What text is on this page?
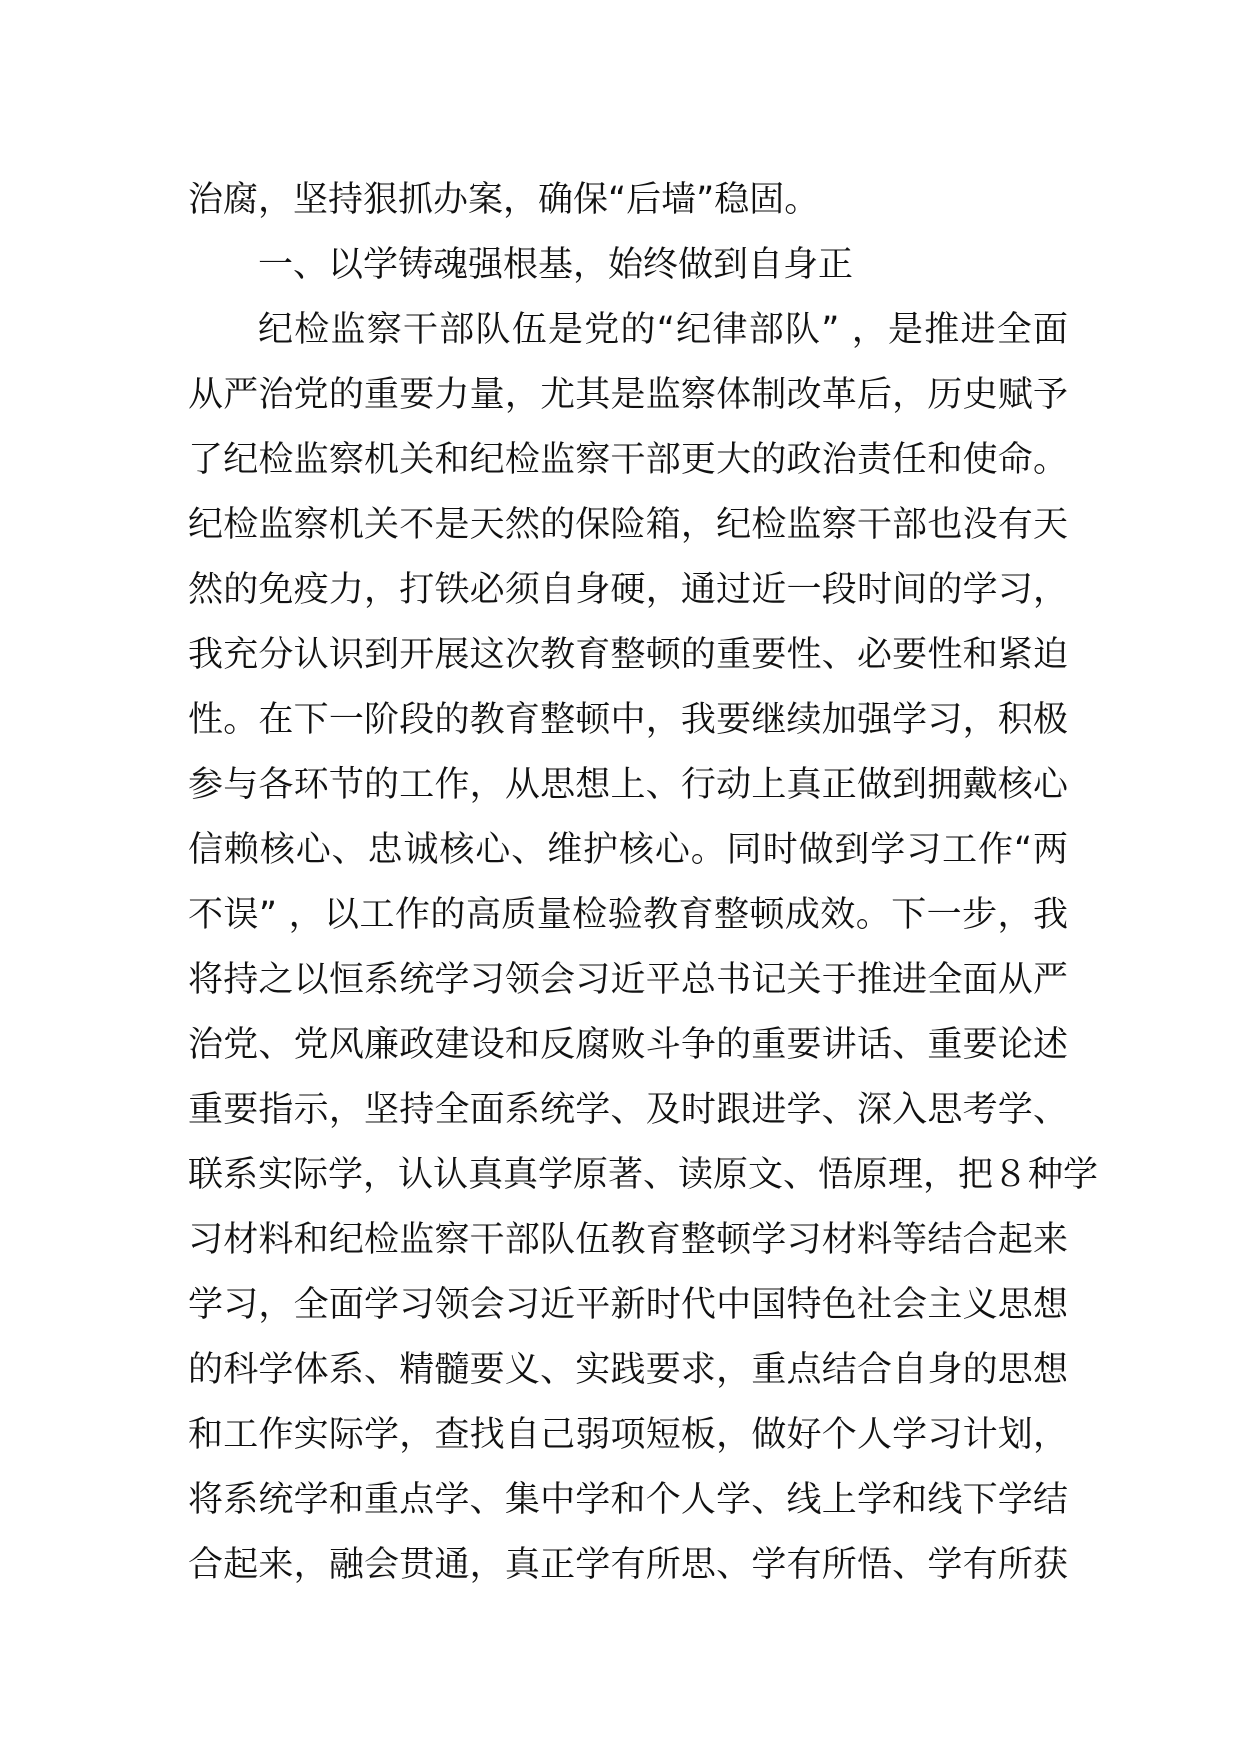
治腐，坚持狠抓办案，确保“后墙”稳固。
一、以学铸魂强根基，始终做到自身正
纪检监察干部队伍是党的“纪律部队” ，是推进全面
从严治党的重要力量，尤其是监察体制改革后，历史赋予
了纪检监察机关和纪检监察干部更大的政治责任和使命。
纪检监察机关不是天然的保险箱，纪检监察干部也没有天
然的免疫力，打铁必须自身硬，通过近一段时间的学习，
我充分认识到开展这次教育整顿的重要性、必要性和紧迫
性。在下一阶段的教育整顿中，我要继续加强学习，积极
参与各环节的工作，从思想上、行动上真正做到拥戴核心
信赖核心、忠诚核心、维护核心。同时做到学习工作“两
不误” ，以工作的高质量检验教育整顿成效。下一步，我
将持之以恒系统学习领会习近平总书记关于推进全面从严
治党、党风廉政建设和反腐败斗争的重要讲话、重要论述
重要指示，坚持全面系统学、及时跟进学、深入思考学、
联系实际学，认认真真学原著、读原文、悟原理，把８种学
习材料和纪检监察干部队伍教育整顿学习材料等结合起来
学习，全面学习领会习近平新时代中国特色社会主义思想
的科学体系、精髓要义、实践要求，重点结合自身的思想
和工作实际学，查找自己弱项短板，做好个人学习计划，
将系统学和重点学、集中学和个人学、线上学和线下学结
合起来，融会贯通，真正学有所思、学有所悟、学有所获
